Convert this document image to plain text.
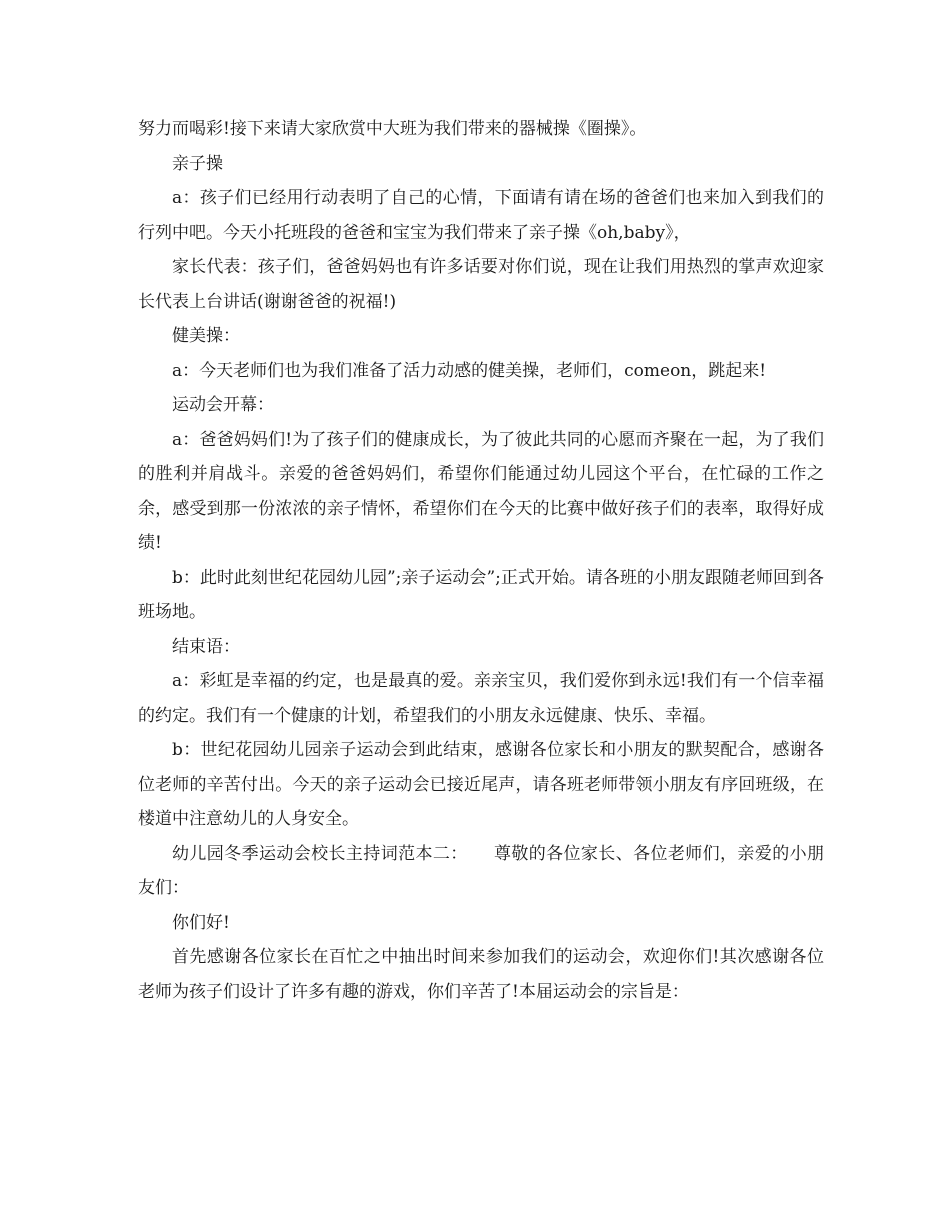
努力而喝彩!接下来请大家欣赏中大班为我们带来的器械操《圈操》。

亲子操

a：孩子们已经用行动表明了自己的心情，下面请有请在场的爸爸们也来加入到我们的行列中吧。今天小托班段的爸爸和宝宝为我们带来了亲子操《oh,baby》，

家长代表：孩子们，爸爸妈妈也有许多话要对你们说，现在让我们用热烈的掌声欢迎家长代表上台讲话(谢谢爸爸的祝福!)

健美操：

a：今天老师们也为我们准备了活力动感的健美操，老师们，comeon，跳起来!

运动会开幕：

a：爸爸妈妈们!为了孩子们的健康成长，为了彼此共同的心愿而齐聚在一起，为了我们的胜利并肩战斗。亲爱的爸爸妈妈们，希望你们能通过幼儿园这个平台，在忙碌的工作之余，感受到那一份浓浓的亲子情怀，希望你们在今天的比赛中做好孩子们的表率，取得好成绩!

b：此时此刻世纪花园幼儿园”;亲子运动会”;正式开始。请各班的小朋友跟随老师回到各班场地。

结束语：

a：彩虹是幸福的约定，也是最真的爱。亲亲宝贝，我们爱你到永远!我们有一个信幸福的约定。我们有一个健康的计划，希望我们的小朋友永远健康、快乐、幸福。

b：世纪花园幼儿园亲子运动会到此结束，感谢各位家长和小朋友的默契配合，感谢各位老师的辛苦付出。今天的亲子运动会已接近尾声，请各班老师带领小朋友有序回班级，在楼道中注意幼儿的人身安全。

幼儿园冬季运动会校长主持词范本二：　　尊敬的各位家长、各位老师们，亲爱的小朋友们：

你们好!

首先感谢各位家长在百忙之中抽出时间来参加我们的运动会，欢迎你们!其次感谢各位老师为孩子们设计了许多有趣的游戏，你们辛苦了!本届运动会的宗旨是：
